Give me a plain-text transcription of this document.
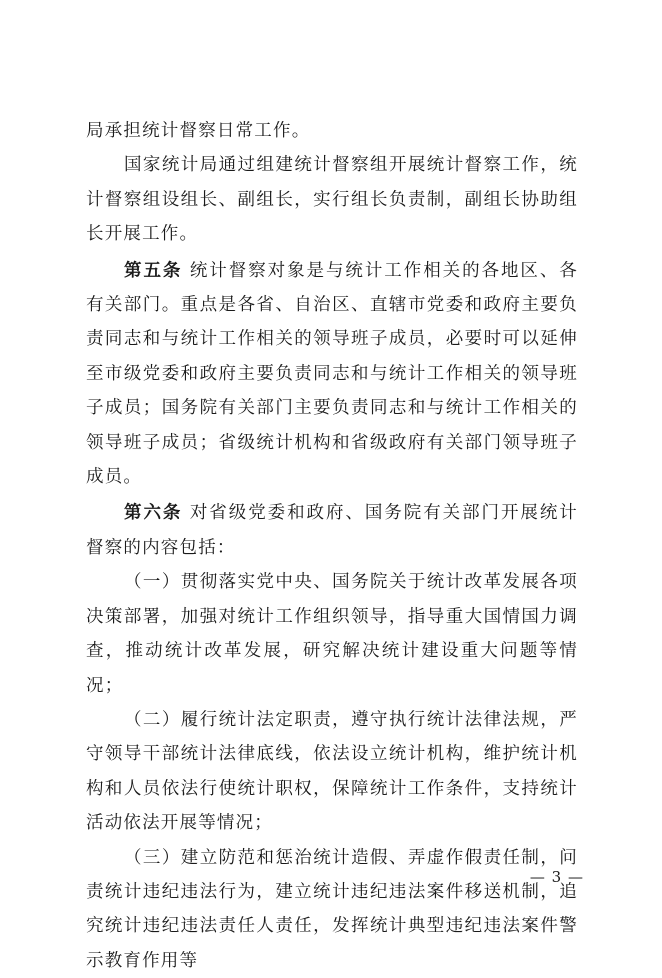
局承担统计督察日常工作。

国家统计局通过组建统计督察组开展统计督察工作，统计督察组设组长、副组长，实行组长负责制，副组长协助组长开展工作。

第五条 统计督察对象是与统计工作相关的各地区、各有关部门。重点是各省、自治区、直辖市党委和政府主要负责同志和与统计工作相关的领导班子成员，必要时可以延伸至市级党委和政府主要负责同志和与统计工作相关的领导班子成员；国务院有关部门主要负责同志和与统计工作相关的领导班子成员；省级统计机构和省级政府有关部门领导班子成员。

第六条 对省级党委和政府、国务院有关部门开展统计督察的内容包括：

（一）贯彻落实党中央、国务院关于统计改革发展各项决策部署，加强对统计工作组织领导，指导重大国情国力调查，推动统计改革发展，研究解决统计建设重大问题等情况；

（二）履行统计法定职责，遵守执行统计法律法规，严守领导干部统计法律底线，依法设立统计机构，维护统计机构和人员依法行使统计职权，保障统计工作条件，支持统计活动依法开展等情况；

（三）建立防范和惩治统计造假、弄虚作假责任制，问责统计违纪违法行为，建立统计违纪违法案件移送机制，追究统计违纪违法责任人责任，发挥统计典型违纪违法案件警示教育作用等

— 3 —
